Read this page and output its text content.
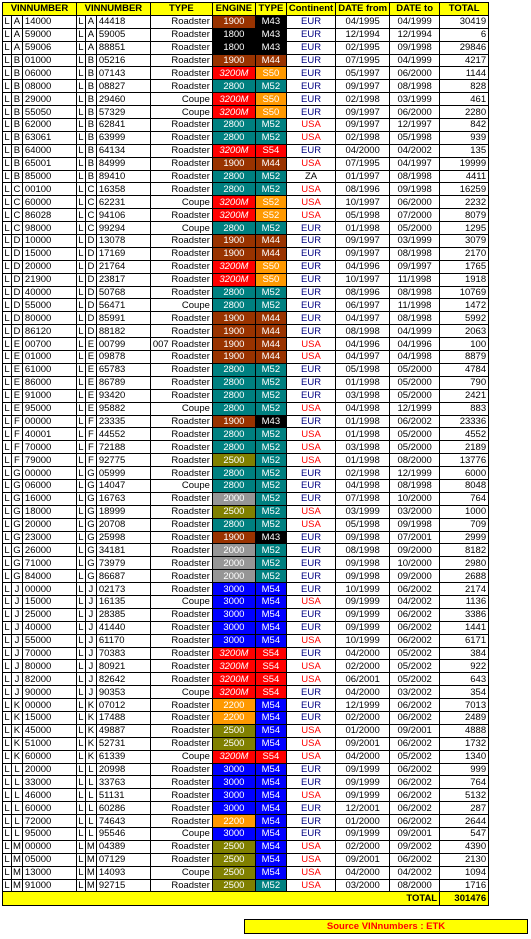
VINNUMBER			VINNUMBER			TYPE	ENGINE	TYPE	Continent	DATE from	DATE to	TOTAL
L	A	14000	L	A	44418	Roadster	1900	M43	EUR	04/1995	04/1999	30419
L	A	59000	L	A	59005	Roadster	1800	M43	EUR	12/1994	12/1994	6
L	A	59006	L	A	88851	Roadster	1800	M43	EUR	02/1995	09/1998	29846
L	B	01000	L	B	05216	Roadster	1900	M44	EUR	07/1995	04/1999	4217
L	B	06000	L	B	07143	Roadster	3200M	S50	EUR	05/1997	06/2000	1144
L	B	08000	L	B	08827	Roadster	2800	M52	EUR	09/1997	08/1998	828
L	B	29000	L	B	29460	Coupe	3200M	S50	EUR	02/1998	03/1999	461
L	B	55050	L	B	57329	Coupe	3200M	S50	EUR	09/1997	06/2000	2280
L	B	62000	L	B	62841	Roadster	2800	M52	USA	09/1997	12/1997	842
L	B	63061	L	B	63999	Roadster	2800	M52	USA	02/1998	05/1998	939
L	B	64000	L	B	64134	Roadster	3200M	S54	EUR	04/2000	04/2002	135
L	B	65001	L	B	84999	Roadster	1900	M44	USA	07/1995	04/1997	19999
L	B	85000	L	B	89410	Roadster	2800	M52	ZA	01/1997	08/1998	4411
L	C	00100	L	C	16358	Roadster	2800	M52	USA	08/1996	09/1998	16259
L	C	60000	L	C	62231	Coupe	3200M	S52	USA	10/1997	06/2000	2232
L	C	86028	L	C	94106	Roadster	3200M	S52	USA	05/1998	07/2000	8079
L	C	98000	L	C	99294	Coupe	2800	M52	EUR	01/1998	05/2000	1295
L	D	10000	L	D	13078	Roadster	1900	M44	EUR	09/1997	03/1999	3079
L	D	15000	L	D	17169	Roadster	1900	M44	EUR	09/1997	08/1998	2170
L	D	20000	L	D	21764	Roadster	3200M	S50	EUR	04/1996	09/1997	1765
L	D	21900	L	D	23817	Roadster	3200M	S50	EUR	10/1997	11/1998	1918
L	D	40000	L	D	50768	Roadster	2800	M52	EUR	08/1996	08/1998	10769
L	D	55000	L	D	56471	Coupe	2800	M52	EUR	06/1997	11/1998	1472
L	D	80000	L	D	85991	Roadster	1900	M44	EUR	04/1997	08/1998	5992
L	D	86120	L	D	88182	Roadster	1900	M44	EUR	08/1998	04/1999	2063
L	E	00700	L	E	00799	007 Roadster	1900	M44	USA	04/1996	04/1996	100
L	E	01000	L	E	09878	Roadster	1900	M44	USA	04/1997	04/1998	8879
L	E	61000	L	E	65783	Roadster	2800	M52	EUR	05/1998	05/2000	4784
L	E	86000	L	E	86789	Roadster	2800	M52	EUR	01/1998	05/2000	790
L	E	91000	L	E	93420	Roadster	2800	M52	EUR	03/1998	05/2000	2421
L	E	95000	L	E	95882	Coupe	2800	M52	USA	04/1998	12/1999	883
L	F	00000	L	F	23335	Roadster	1900	M43	EUR	01/1998	06/2002	23336
L	F	40001	L	F	44552	Roadster	2800	M52	USA	01/1998	05/2000	4552
L	F	70000	L	F	72188	Roadster	2800	M52	USA	03/1998	05/2000	2189
L	F	79000	L	F	92775	Roadster	2500	M52	USA	01/1998	08/2000	13776
L	G	00000	L	G	05999	Roadster	2800	M52	EUR	02/1998	12/1999	6000
L	G	06000	L	G	14047	Coupe	2800	M52	EUR	04/1998	08/1998	8048
L	G	16000	L	G	16763	Roadster	2000	M52	EUR	07/1998	10/2000	764
L	G	18000	L	G	18999	Roadster	2500	M52	USA	03/1999	03/2000	1000
L	G	20000	L	G	20708	Roadster	2800	M52	USA	05/1998	09/1998	709
L	G	23000	L	G	25998	Roadster	1900	M43	EUR	09/1998	07/2001	2999
L	G	26000	L	G	34181	Roadster	2000	M52	EUR	08/1998	09/2000	8182
L	G	71000	L	G	73979	Roadster	2000	M52	EUR	09/1998	10/2000	2980
L	G	84000	L	G	86687	Roadster	2000	M52	EUR	09/1998	09/2000	2688
L	J	00000	L	J	02173	Roadster	3000	M54	EUR	10/1999	06/2002	2174
L	J	15000	L	J	16135	Coupe	3000	M54	USA	09/1999	04/2002	1136
L	J	25000	L	J	28385	Roadster	3000	M54	EUR	09/1999	06/2002	3386
L	J	40000	L	J	41440	Roadster	3000	M54	EUR	09/1999	06/2002	1441
L	J	55000	L	J	61170	Roadster	3000	M54	USA	10/1999	06/2002	6171
L	J	70000	L	J	70383	Roadster	3200M	S54	EUR	04/2000	05/2002	384
L	J	80000	L	J	80921	Roadster	3200M	S54	USA	02/2000	05/2002	922
L	J	82000	L	J	82642	Roadster	3200M	S54	USA	06/2001	05/2002	643
L	J	90000	L	J	90353	Coupe	3200M	S54	EUR	04/2000	03/2002	354
L	K	00000	L	K	07012	Roadster	2200	M54	EUR	12/1999	06/2002	7013
L	K	15000	L	K	17488	Roadster	2200	M54	EUR	02/2000	06/2002	2489
L	K	45000	L	K	49887	Roadster	2500	M54	USA	01/2000	09/2001	4888
L	K	51000	L	K	52731	Roadster	2500	M54	USA	09/2001	06/2002	1732
L	K	60000	L	K	61339	Coupe	3200M	S54	USA	04/2000	05/2002	1340
L	L	20000	L	L	20998	Roadster	3000	M54	EUR	09/1999	06/2002	999
L	L	33000	L	L	33763	Roadster	3000	M54	EUR	09/1999	06/2002	764
L	L	46000	L	L	51131	Roadster	3000	M54	USA	09/1999	06/2002	5132
L	L	60000	L	L	60286	Roadster	3000	M54	EUR	12/2001	06/2002	287
L	L	72000	L	L	74643	Roadster	2200	M54	EUR	01/2000	06/2002	2644
L	L	95000	L	L	95546	Coupe	3000	M54	EUR	09/1999	09/2001	547
L	M	00000	L	M	04389	Roadster	2500	M54	USA	02/2000	09/2002	4390
L	M	05000	L	M	07129	Roadster	2500	M54	USA	09/2001	06/2002	2130
L	M	13000	L	M	14093	Coupe	2500	M54	USA	04/2000	04/2002	1094
L	M	91000	L	M	92715	Roadster	2500	M52	USA	03/2000	08/2000	1716
TOTAL												301476
Source VINnumbers : ETK
